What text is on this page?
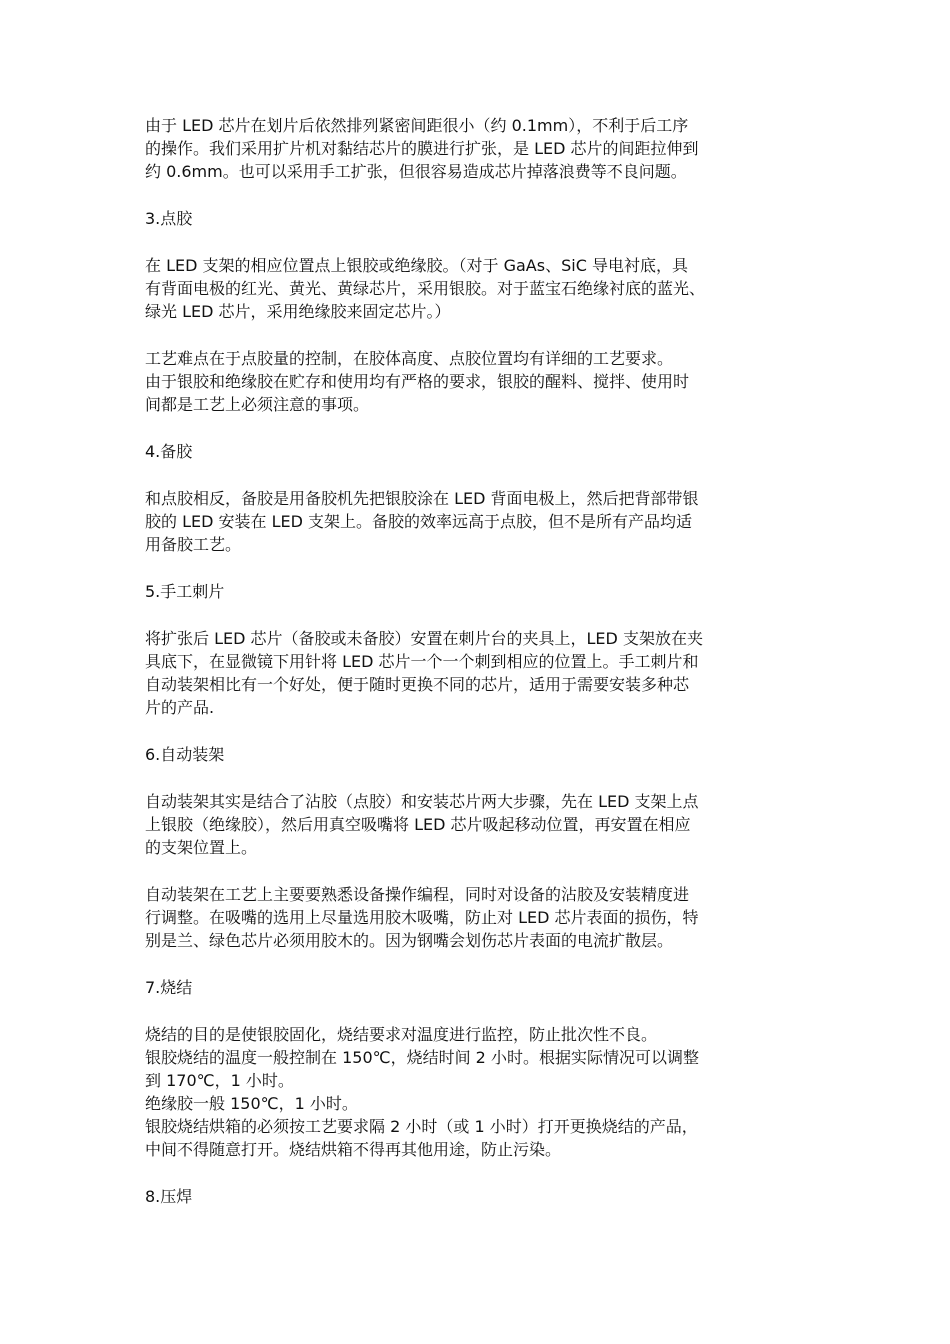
由于 LED 芯片在划片后依然排列紧密间距很小（约 0.1mm），不利于后工序
的操作。我们采用扩片机对黏结芯片的膜进行扩张，是 LED 芯片的间距拉伸到
约 0.6mm。也可以采用手工扩张，但很容易造成芯片掉落浪费等不良问题。
3.点胶
在 LED 支架的相应位置点上银胶或绝缘胶。（对于 GaAs、SiC 导电衬底，具
有背面电极的红光、黄光、黄绿芯片，采用银胶。对于蓝宝石绝缘衬底的蓝光、
绿光 LED 芯片，采用绝缘胶来固定芯片。）
工艺难点在于点胶量的控制，在胶体高度、点胶位置均有详细的工艺要求。
由于银胶和绝缘胶在贮存和使用均有严格的要求，银胶的醒料、搅拌、使用时
间都是工艺上必须注意的事项。
4.备胶
和点胶相反，备胶是用备胶机先把银胶涂在 LED 背面电极上，然后把背部带银
胶的 LED 安装在 LED 支架上。备胶的效率远高于点胶，但不是所有产品均适
用备胶工艺。
5.手工刺片
将扩张后 LED 芯片（备胶或未备胶）安置在刺片台的夹具上，LED 支架放在夹
具底下，在显微镜下用针将 LED 芯片一个一个刺到相应的位置上。手工刺片和
自动装架相比有一个好处，便于随时更换不同的芯片，适用于需要安装多种芯
片的产品.
6.自动装架
自动装架其实是结合了沾胶（点胶）和安装芯片两大步骤，先在 LED 支架上点
上银胶（绝缘胶），然后用真空吸嘴将 LED 芯片吸起移动位置，再安置在相应
的支架位置上。
自动装架在工艺上主要要熟悉设备操作编程，同时对设备的沾胶及安装精度进
行调整。在吸嘴的选用上尽量选用胶木吸嘴，防止对 LED 芯片表面的损伤，特
别是兰、绿色芯片必须用胶木的。因为钢嘴会划伤芯片表面的电流扩散层。
7.烧结
烧结的目的是使银胶固化，烧结要求对温度进行监控，防止批次性不良。
银胶烧结的温度一般控制在 150℃，烧结时间 2 小时。根据实际情况可以调整
到 170℃，1 小时。
绝缘胶一般 150℃，1 小时。
银胶烧结烘箱的必须按工艺要求隔 2 小时（或 1 小时）打开更换烧结的产品，
中间不得随意打开。烧结烘箱不得再其他用途，防止污染。
8.压焊
